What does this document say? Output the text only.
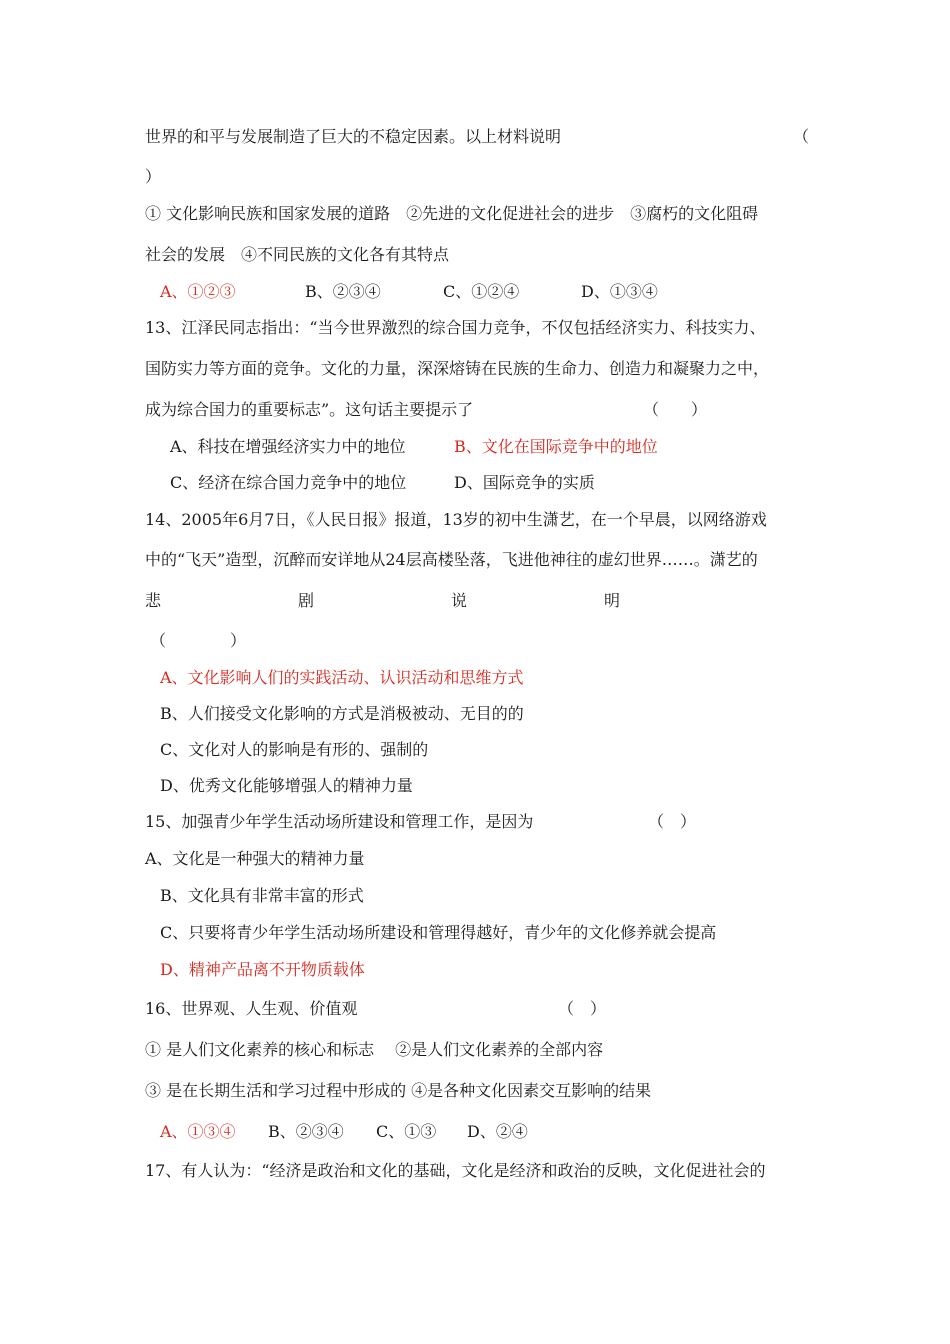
世界的和平与发展制造了巨大的不稳定因素。以上材料说明	（
）
① 文化影响民族和国家发展的道路　②先进的文化促进社会的进步　③腐朽的文化阻碍
社会的发展　④不同民族的文化各有其特点
A、①②③	B、②③④	C、①②④	D、①③④
13、江泽民同志指出：“当今世界激烈的综合国力竞争，不仅包括经济实力、科技实力、
国防实力等方面的竞争。文化的力量，深深熔铸在民族的生命力、创造力和凝聚力之中，
成为综合国力的重要标志”。这句话主要提示了	（　　）
A、科技在增强经济实力中的地位	B、文化在国际竞争中的地位
C、经济在综合国力竞争中的地位	D、国际竞争的实质
14、2005年6月7日，《人民日报》报道，13岁的初中生潇艺，在一个早晨，以网络游戏
中的“飞天”造型，沉醉而安详地从24层高楼坠落，飞进他神往的虚幻世界……。潇艺的
悲	剧	说	明
（　　　　）
A、文化影响人们的实践活动、认识活动和思维方式
B、人们接受文化影响的方式是消极被动、无目的的
C、文化对人的影响是有形的、强制的
D、优秀文化能够增强人的精神力量
15、加强青少年学生活动场所建设和管理工作，是因为	（　）
A、文化是一种强大的精神力量
B、文化具有非常丰富的形式
C、只要将青少年学生活动场所建设和管理得越好，青少年的文化修养就会提高
D、精神产品离不开物质载体
16、世界观、人生观、价值观	（　）
① 是人们文化素养的核心和标志　 ②是人们文化素养的全部内容
③ 是在长期生活和学习过程中形成的 ④是各种文化因素交互影响的结果
A、①③④ B、②③④ C、①③ D、②④
17、有人认为：“经济是政治和文化的基础，文化是经济和政治的反映，文化促进社会的
